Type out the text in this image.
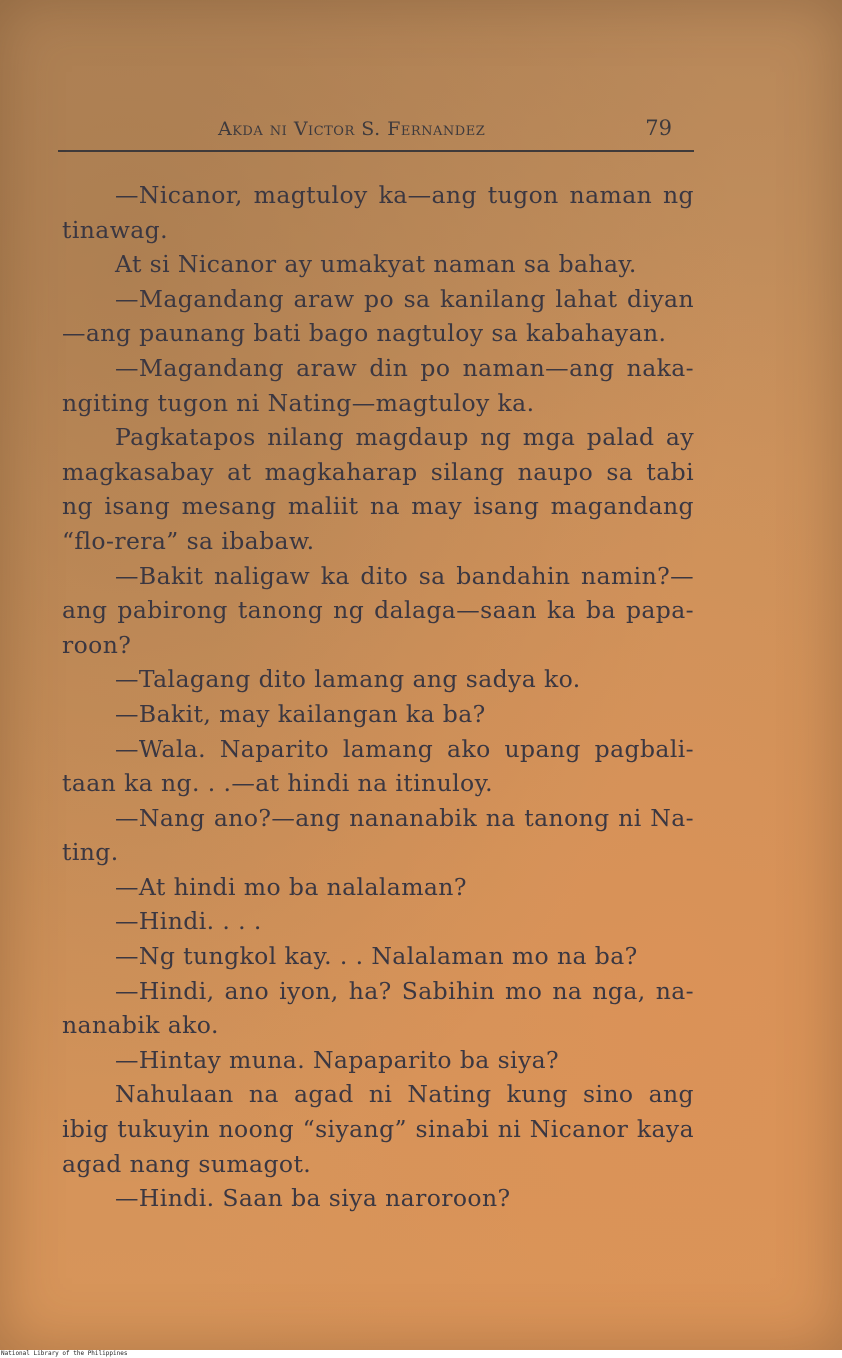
Akda ni Victor S. Fernandez	79

—Nicanor, magtuloy ka—ang tugon naman ng tinawag.

At si Nicanor ay umakyat naman sa bahay.

—Magandang araw po sa kanilang lahat diyan —ang paunang bati bago nagtuloy sa kabahayan.

—Magandang araw din po naman—ang naka-ngiting tugon ni Nating—magtuloy ka.

Pagkatapos nilang magdaup ng mga palad ay magkasabay at magkaharap silang naupo sa tabi ng isang mesang maliit na may isang magandang “flo-rera” sa ibabaw.

—Bakit naligaw ka dito sa bandahin namin?—ang pabirong tanong ng dalaga—saan ka ba papa-roon?

—Talagang dito lamang ang sadya ko.

—Bakit, may kailangan ka ba?

—Wala. Naparito lamang ako upang pagbali-taan ka ng. . .—at hindi na itinuloy.

—Nang ano?—ang nananabik na tanong ni Na-ting.

—At hindi mo ba nalalaman?

—Hindi. . . .

—Ng tungkol kay. . . Nalalaman mo na ba?

—Hindi, ano iyon, ha? Sabihin mo na nga, na-nanabik ako.

—Hintay muna. Napaparito ba siya?

Nahulaan na agad ni Nating kung sino ang ibig tukuyin noong “siyang” sinabi ni Nicanor kaya agad nang sumagot.

—Hindi. Saan ba siya naroroon?

National Library of the Philippines
